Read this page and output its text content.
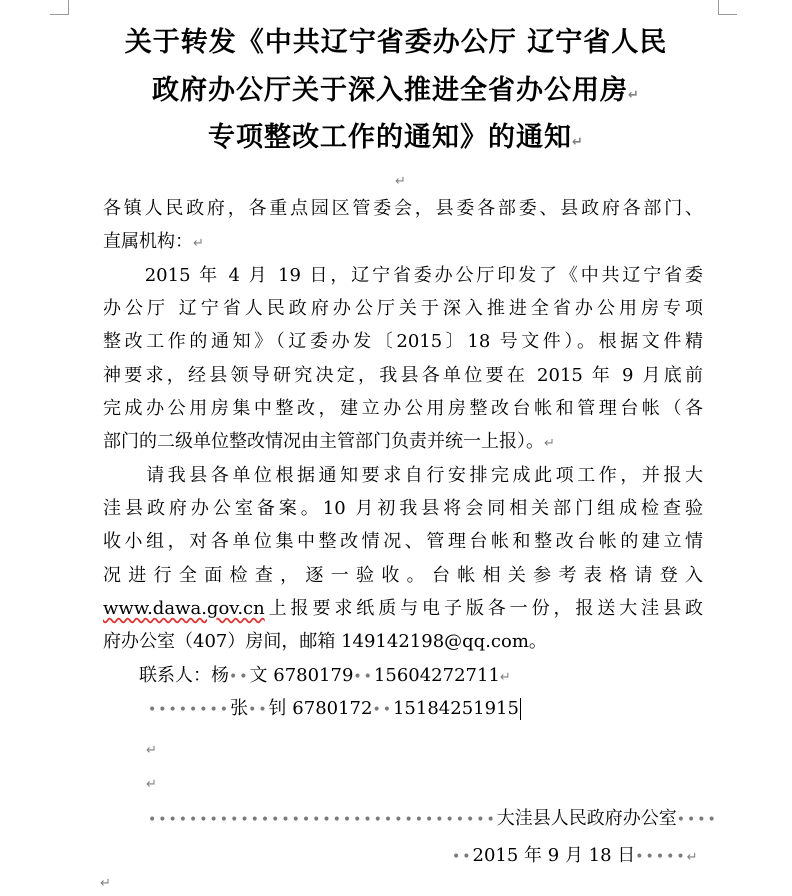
关于转发《中共辽宁省委办公厅 辽宁省人民
政府办公厅关于深入推进全省办公用房↵
专项整改工作的通知》的通知↵
↵
各镇人民政府，各重点园区管委会，县委各部委、县政府各部门、
直属机构：↵
　　2015 年 4 月 19 日，辽宁省委办公厅印发了《中共辽宁省委
办公厅 辽宁省人民政府办公厅关于深入推进全省办公用房专项
整改工作的通知》（辽委办发〔2015〕18 号文件）。根据文件精
神要求，经县领导研究决定，我县各单位要在 2015 年 9 月底前
完成办公用房集中整改，建立办公用房整改台帐和管理台帐（各
部门的二级单位整改情况由主管部门负责并统一上报）。↵
　　请我县各单位根据通知要求自行安排完成此项工作，并报大
洼县政府办公室备案。10 月初我县将会同相关部门组成检查验
收小组，对各单位集中整改情况、管理台帐和整改台帐的建立情
况进行全面检查，逐一验收。台帐相关参考表格请登入
www.dawa.gov.cn上报要求纸质与电子版各一份，报送大洼县政
府办公室（407）房间，邮箱 149142198@qq.com。
　　联系人：杨••文 6780179••15604272711↵
••••••••张••钊 6780172••15184251915
↵
↵
••••••••••••••••••••••••••••••••••大洼县人民政府办公室••••
••2015 年 9 月 18 日•••••↵
↵
